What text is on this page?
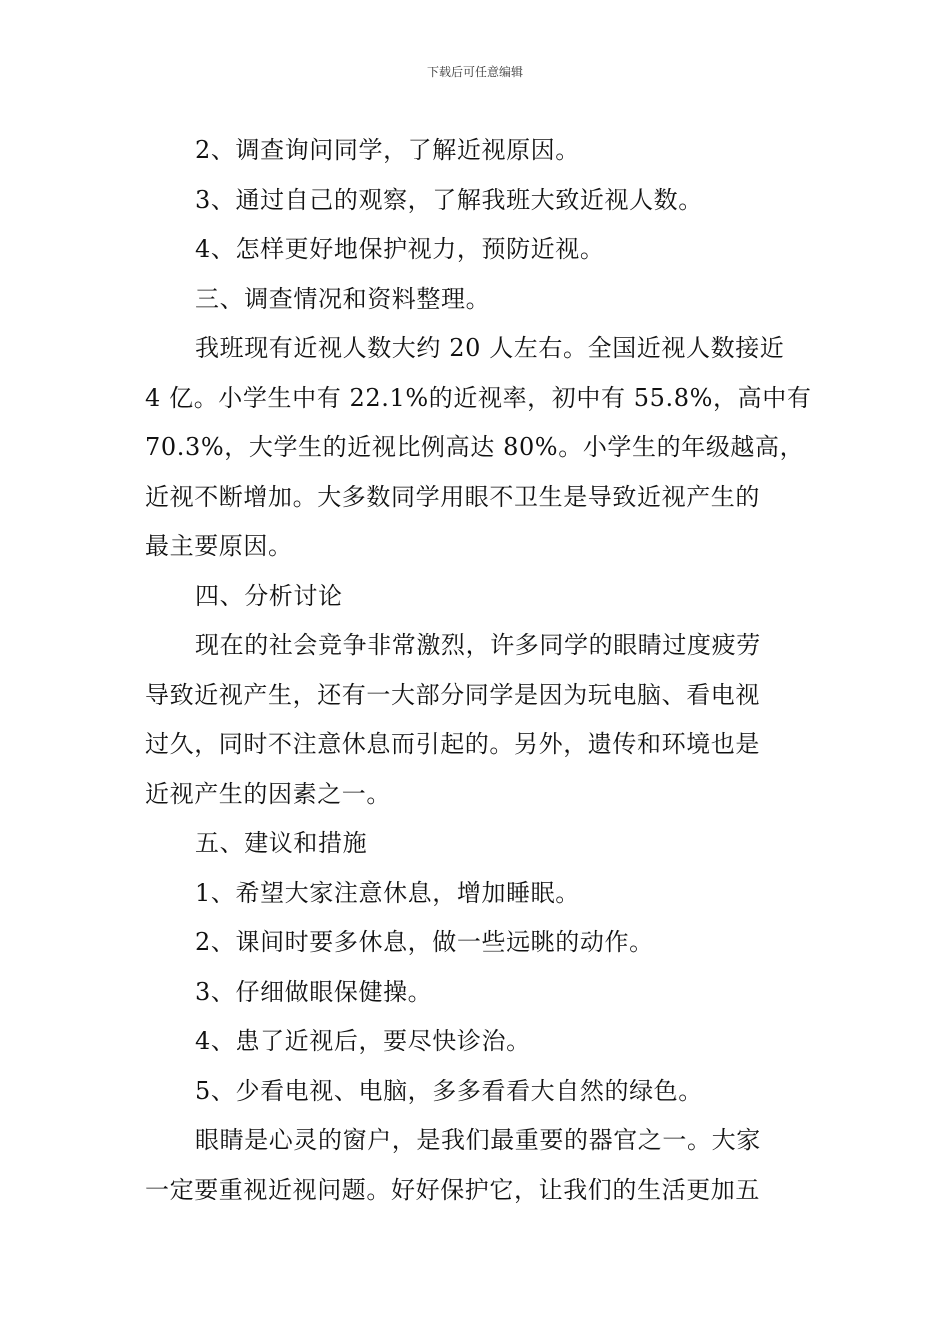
下载后可任意编辑
2、调查询问同学，了解近视原因。
3、通过自己的观察，了解我班大致近视人数。
4、怎样更好地保护视力，预防近视。
三、调查情况和资料整理。
我班现有近视人数大约 20 人左右。全国近视人数接近
4 亿。小学生中有 22.1%的近视率，初中有 55.8%，高中有
70.3%，大学生的近视比例高达 80%。小学生的年级越高，
近视不断增加。大多数同学用眼不卫生是导致近视产生的
最主要原因。
四、分析讨论
现在的社会竞争非常激烈，许多同学的眼睛过度疲劳
导致近视产生，还有一大部分同学是因为玩电脑、看电视
过久，同时不注意休息而引起的。另外，遗传和环境也是
近视产生的因素之一。
五、建议和措施
1、希望大家注意休息，增加睡眠。
2、课间时要多休息，做一些远眺的动作。
3、仔细做眼保健操。
4、患了近视后，要尽快诊治。
5、少看电视、电脑，多多看看大自然的绿色。
眼睛是心灵的窗户，是我们最重要的器官之一。大家
一定要重视近视问题。好好保护它，让我们的生活更加五
